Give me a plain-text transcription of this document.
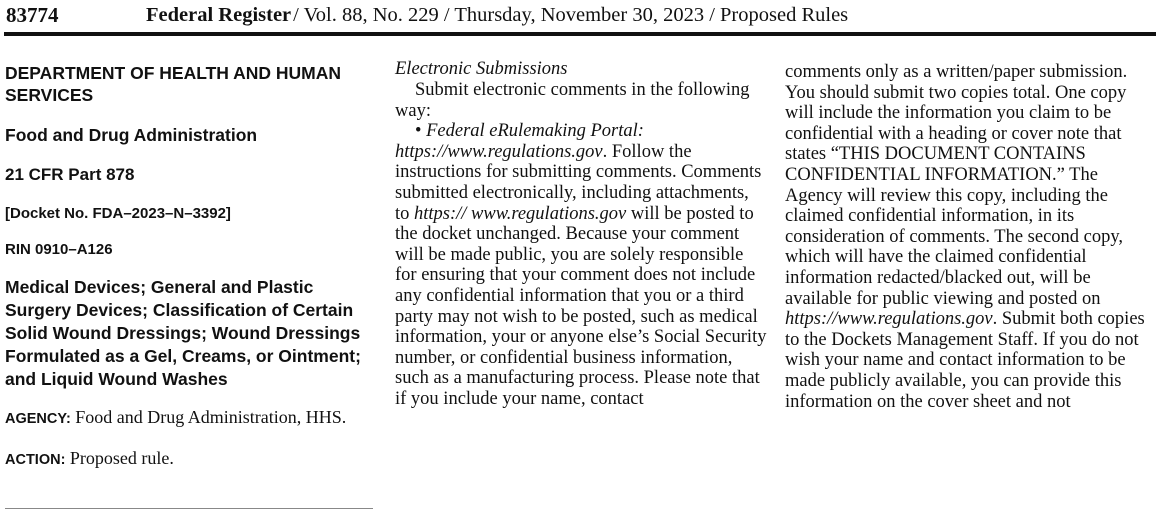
83774	Federal Register / Vol. 88, No. 229 / Thursday, November 30, 2023 / Proposed Rules

DEPARTMENT OF HEALTH AND HUMAN SERVICES

Food and Drug Administration

21 CFR Part 878

[Docket No. FDA–2023–N–3392]

RIN 0910–A126

Medical Devices; General and Plastic Surgery Devices; Classification of Certain Solid Wound Dressings; Wound Dressings Formulated as a Gel, Creams, or Ointment; and Liquid Wound Washes

AGENCY: Food and Drug Administration, HHS.

ACTION: Proposed rule.

Electronic Submissions

Submit electronic comments in the following way:

• Federal eRulemaking Portal: https://www.regulations.gov. Follow the instructions for submitting comments. Comments submitted electronically, including attachments, to https:// www.regulations.gov will be posted to the docket unchanged. Because your comment will be made public, you are solely responsible for ensuring that your comment does not include any confidential information that you or a third party may not wish to be posted, such as medical information, your or anyone else’s Social Security number, or confidential business information, such as a manufacturing process. Please note that if you include your name, contact

comments only as a written/paper submission. You should submit two copies total. One copy will include the information you claim to be confidential with a heading or cover note that states “THIS DOCUMENT CONTAINS CONFIDENTIAL INFORMATION.” The Agency will review this copy, including the claimed confidential information, in its consideration of comments. The second copy, which will have the claimed confidential information redacted/blacked out, will be available for public viewing and posted on https://www.regulations.gov. Submit both copies to the Dockets Management Staff. If you do not wish your name and contact information to be made publicly available, you can provide this information on the cover sheet and not
